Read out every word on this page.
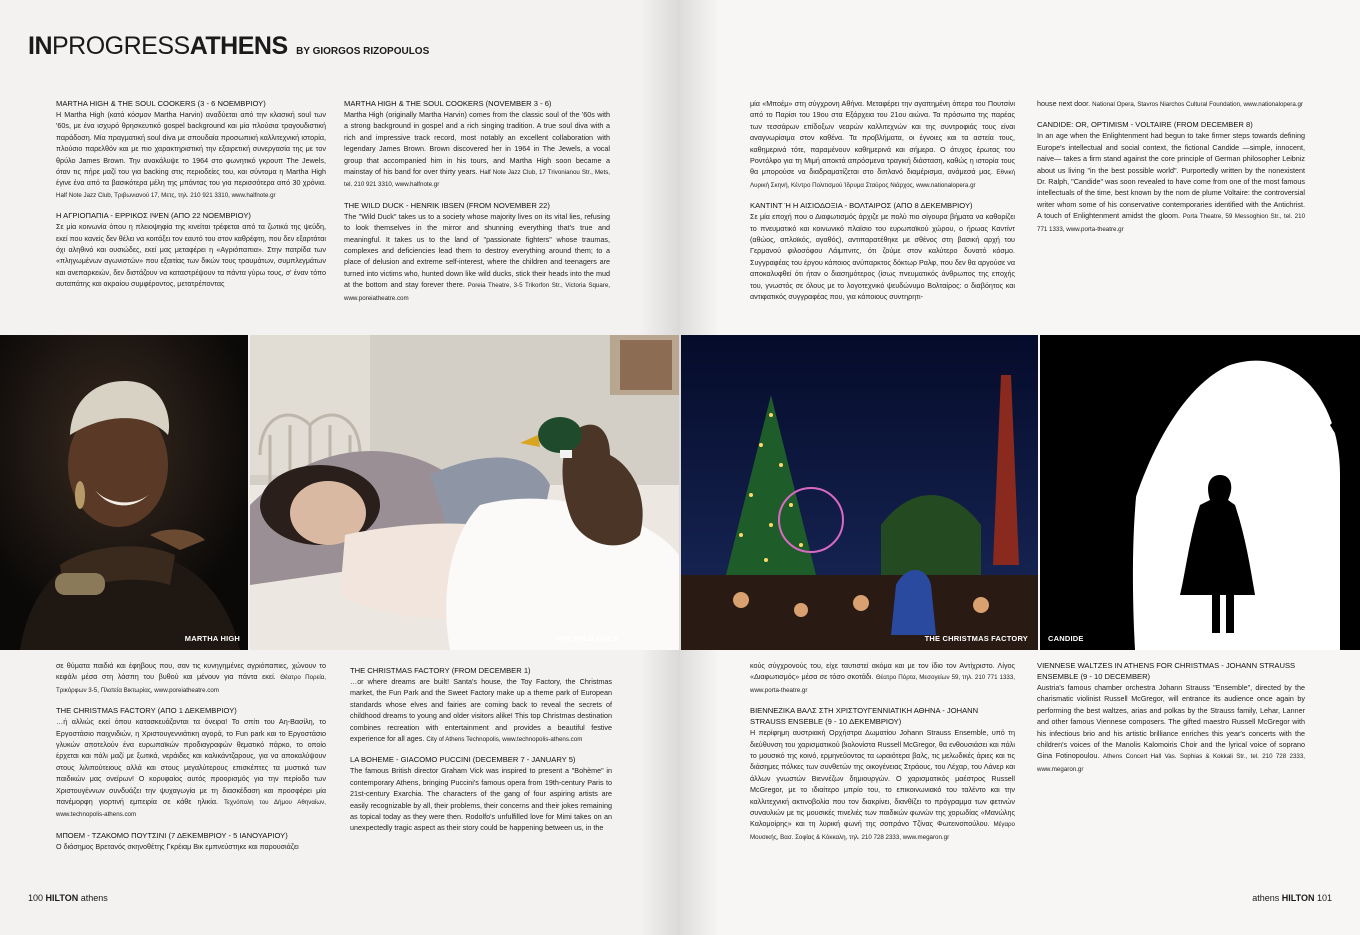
INPROGRESSATHENS BY GIORGOS RIZOPOULOS
MARTHA HIGH & THE SOUL COOKERS (3 - 6 ΝΟΕΜΒΡΙΟΥ)

Η Martha High (κατά κόσμον Martha Harvin) αναδύεται από την κλασική soul των '60s, με ένα ισχυρό θρησκευτικό gospel background και μία πλούσια τραγουδιστική παράδοση. Μία πραγματική soul diva με σπουδαία προσωπική καλλιτεχνική ιστορία, πλούσιο παρελθόν και με πιο χαρακτηριστική την εξαιρετική συνεργασία της με τον θρύλο James Brown. Την ανακάλυψε το 1964 στο φωνητικό γκρουπ The Jewels, όταν τις πήρε μαζί του για backing στις περιοδείες του, και σύντομα η Martha High έγινε ένα από τα βασικότερα μέλη της μπάντας του για περισσότερα από 30 χρόνια. Half Note Jazz Club, Τριβωνιανού 17, Μετς, τηλ. 210 921 3310, www.halfnote.gr

Η ΑΓΡΙΟΠΑΠΙΑ - ΕΡΡΙΚΟΣ ΙΨΕΝ (ΑΠΟ 22 ΝΟΕΜΒΡΙΟΥ)

Σε μία κοινωνία όπου η πλειοψηφία της κινείται τρέφεται από τα ζωτικά της ψεύδη, εκεί που κανείς δεν θέλει να κοιτάξει τον εαυτό του στον καθρέφτη, που δεν εξαρτάται όχι αληθινό και ουσιώδες, εκεί μας μεταφέρει η «Αγριόπαπια». Στην πατρίδα των «πληγωμένων αγωνιστών» που εξαιτίας των δικών τους τραυμάτων, συμπλεγμάτων και ανεπαρκειών, δεν διστάζουν να καταστρέψουν τα πάντα γύρω τους, σ' έναν τόπο αυταπάτης και ακραίου συμφέροντος, μετατρέποντας

MARTHA HIGH & THE SOUL COOKERS (NOVEMBER 3 - 6)

Martha High (originally Martha Harvin) comes from the classic soul of the '60s with a strong background in gospel and a rich singing tradition. A true soul diva with a rich and impressive track record, most notably an excellent collaboration with legendary James Brown. Brown discovered her in 1964 in The Jewels, a vocal group that accompanied him in his tours, and Martha High soon became a mainstay of his band for over thirty years. Half Note Jazz Club, 17 Trivonianou Str., Mets, tel. 210 921 3310, www.halfnote.gr

THE WILD DUCK - HENRIK IBSEN (FROM NOVEMBER 22)

The "Wild Duck" takes us to a society whose majority lives on its vital lies, refusing to look themselves in the mirror and shunning everything that's true and meaningful. It takes us to the land of "passionate fighters" whose traumas, complexes and deficiencies lead them to destroy everything around them; to a place of delusion and extreme self-interest, where the children and teenagers are turned into victims who, hunted down like wild ducks, stick their heads into the mud at the bottom and stay forever there. Poreia Theatre, 3-5 Trikorfon Str., Victoria Square, www.poreiatheatre.com

μία «Μποέμ» στη σύγχρονη Αθήνα. Μεταφέρει την αγαπημένη όπερα του Πουτσίνι από το Παρίσι του 19ου στα Εξάρχεια του 21ου αιώνα. Τα πρόσωπα της παρέας των τεσσάρων επίδοξων νεαρών καλλιτεχνών και της συντροφιάς τους είναι αναγνωρίσιμα στον καθένα. Τα προβλήματα, οι έγνοιες και τα αστεία τους, καθημερινά τότε, παραμένουν καθημερινά και σήμερα. Ο άτυχος έρωτας του Ροντόλφο για τη Μιμή αποκτά απρόσμενα τραγική διάσταση, καθώς η ιστορία τους θα μπορούσε να διαδραματίζεται στο διπλανό διαμέρισμα, ανάμεσά μας. Εθνική Λυρική Σκηνή, Κέντρο Πολιτισμού Ίδρυμα Σταύρος Νιάρχος, www.nationalopera.gr

ΚΑΝΤΙΝΤ Ή Η ΑΙΣΙΟΔΟΞΙΑ - ΒΟΛΤΑΙΡΟΣ (ΑΠΟ 8 ΔΕΚΕΜΒΡΙΟΥ)

Σε μία εποχή που ο Διαφωτισμός άρχιζε με πολύ πιο σίγουρα βήματα να καθορίζει το πνευματικό και κοινωνικό πλαίσιο του ευρωπαϊκού χώρου, ο ήρωας Καντίντ (αθώος, απλοϊκός, αγαθός), αντιπαρατέθηκε με σθένος στη βασική αρχή του Γερμανού φιλοσόφου Λάιμπνιτς, ότι ζούμε στον καλύτερο δυνατό κόσμο. Συγγραφέας του έργου κάποιος ανύπαρκτος δόκτωρ Ραλφ, που δεν θα αργούσε να αποκαλυφθεί ότι ήταν ο διασημότερος (ίσως πνευματικός άνθρωπος της εποχής του, γνωστός σε όλους με το λογοτεχνικό ψευδώνυμο Βολταίρος: ο διαβόητος και αντιφατικός συγγραφέας που, για κάποιους συντηρητι-

house next door. National Opera, Stavros Niarchos Cultural Foundation, www.nationalopera.gr

CANDIDE: OR, OPTIMISM - VOLTAIRE (FROM DECEMBER 8)

In an age when the Enlightenment had begun to take firmer steps towards defining Europe's intellectual and social context, the fictional Candide —simple, innocent, naive— takes a firm stand against the core principle of German philosopher Leibniz about us living "in the best possible world". Purportedly written by the nonexistent Dr. Ralph, "Candide" was soon revealed to have come from one of the most famous intellectuals of the time, best known by the nom de plume Voltaire: the controversial writer whom some of his conservative contemporaries identified with the Antichrist. A touch of Enlightenment amidst the gloom. Porta Theatre, 59 Messoghion Str., tel. 210 771 1333, www.porta-theatre.gr

MARTHA HIGH	THE WILD DUCK	THE CHRISTMAS FACTORY	CANDIDE

σε θύματα παιδιά και έφηβους που, σαν τις κυνηγημένες αγριόπαπιες, χώνουν το κεφάλι μέσα στη λάσπη του βυθού και μένουν για πάντα εκεί. Θέατρο Πορεία, Τρικόρφων 3-5, Πλατεία Βικτωρίας, www.poreiatheatre.com

THE CHRISTMAS FACTORY (ΑΠΟ 1 ΔΕΚΕΜΒΡΙΟΥ)

…ή αλλιώς εκεί όπου κατασκευάζονται τα όνειρα! Το σπίτι του Αη-Βασίλη, το Εργοστάσιο παιχνιδιών, η Χριστουγεννιάτικη αγορά, το Fun park και το Εργοστάσιο γλυκών αποτελούν ένα ευρωπαϊκών προδιαγραφών θεματικό πάρκο, το οποίο έρχεται και πάλι μαζί με ξωτικά, νεράιδες και καλικάντζαρους, για να αποκαλύψουν στους λιλιπούτειους αλλά και στους μεγαλύτερους επισκέπτες τα μυστικά των παιδικών μας ονείρων! Ο κορυφαίος αυτός προορισμός για την περίοδο των Χριστουγέννων συνδυάζει την ψυχαγωγία με τη διασκέδαση και προσφέρει μία πανέμορφη γιορτινή εμπειρία σε κάθε ηλικία. Τεχνόπολη του Δήμου Αθηναίων, www.technopolis-athens.com

ΜΠΟΕΜ - ΤΖΑΚΟΜΟ ΠΟΥΤΣΙΝΙ (7 ΔΕΚΕΜΒΡΙΟΥ - 5 ΙΑΝΟΥΑΡΙΟΥ)

Ο διάσημος Βρετανός σκηνοθέτης Γκρέιαμ Βικ εμπνεύστηκε και παρουσιάζει

THE CHRISTMAS FACTORY (FROM DECEMBER 1)

…or where dreams are built! Santa's house, the Toy Factory, the Christmas market, the Fun Park and the Sweet Factory make up a theme park of European standards whose elves and fairies are coming back to reveal the secrets of childhood dreams to young and older visitors alike! This top Christmas destination combines recreation with entertainment and provides a beautiful festive experience for all ages. City of Athens Technopolis, www.technopolis-athens.com

LA BOHEME - GIACOMO PUCCINI (DECEMBER 7 - JANUARY 5)

The famous British director Graham Vick was inspired to present a "Bohème" in contemporary Athens, bringing Puccini's famous opera from 19th-century Paris to 21st-century Exarchia. The characters of the gang of four aspiring artists are easily recognizable by all, their problems, their concerns and their jokes remaining as topical today as they were then. Rodolfo's unfulfilled love for Mimi takes on an unexpectedly tragic aspect as their story could be happening between us, in the

κούς σύγχρονούς του, είχε ταυτιστεί ακόμα και με τον ίδιο τον Αντίχριστο. Λίγος «Διαφωτισμός» μέσα σε τόσο σκοτάδι. Θέατρο Πόρτα, Μεσογείων 59, τηλ. 210 771 1333, www.porta-theatre.gr

ΒΙΕΝΝΕΖΙΚΑ ΒΑΛΣ ΣΤΗ ΧΡΙΣΤΟΥΓΕΝΝΙΑΤΙΚΗ ΑΘΗΝΑ - JOHANN STRAUSS ENSEBLE (9 - 10 ΔΕΚΕΜΒΡΙΟΥ)

Η περίφημη αυστριακή Ορχήστρα Δωματίου Johann Strauss Ensemble, υπό τη διεύθυνση του χαρισματικού βιολονίστα Russell McGregor, θα ενθουσιάσει και πάλι το μουσικό της κοινό, ερμηνεύοντας τα ωραιότερα βαλς, τις μελωδικές άριες και τις διάσημες πόλκες των συνθετών της οικογένειας Στράους, του Λέχαρ, του Λάνερ και άλλων γνωστών Βιεννέζων δημιουργών. Ο χαρισματικός μαέστρος Russell McGregor, με το ιδιαίτερο μπρίο του, το επικοινωνιακό του ταλέντο και την καλλιτεχνική ακτινοβολία που τον διακρίνει, διανθίζει το πρόγραμμα των φετινών συναυλιών με τις μουσικές πινελιές των παιδικών φωνών της χορωδίας «Μανώλης Καλομοίρης» και τη λυρική φωνή της σοπράνο Τζίνας Φωτεινοπούλου. Μέγαρο Μουσικής, Βασ. Σοφίας & Κόκκαλη, τηλ. 210 728 2333, www.megaron.gr

VIENNESE WALTZES IN ATHENS FOR CHRISTMAS - JOHANN STRAUSS ENSEMBLE (9 - 10 DECEMBER)

Austria's famous chamber orchestra Johann Strauss "Ensemble", directed by the charismatic violinist Russell McGregor, will entrance its audience once again by performing the best waltzes, arias and polkas by the Strauss family, Lehar, Lanner and other famous Viennese composers. The gifted maestro Russell McGregor with his infectious brio and his artistic brilliance enriches this year's concerts with the children's voices of the Manolis Kalomoiris Choir and the lyrical voice of soprano Gina Fotinopoulou. Athens Concert Hall Vas. Sophias & Kokkali Str., tel. 210 728 2333, www.megaron.gr

100 HILTON athens	athens HILTON 101
